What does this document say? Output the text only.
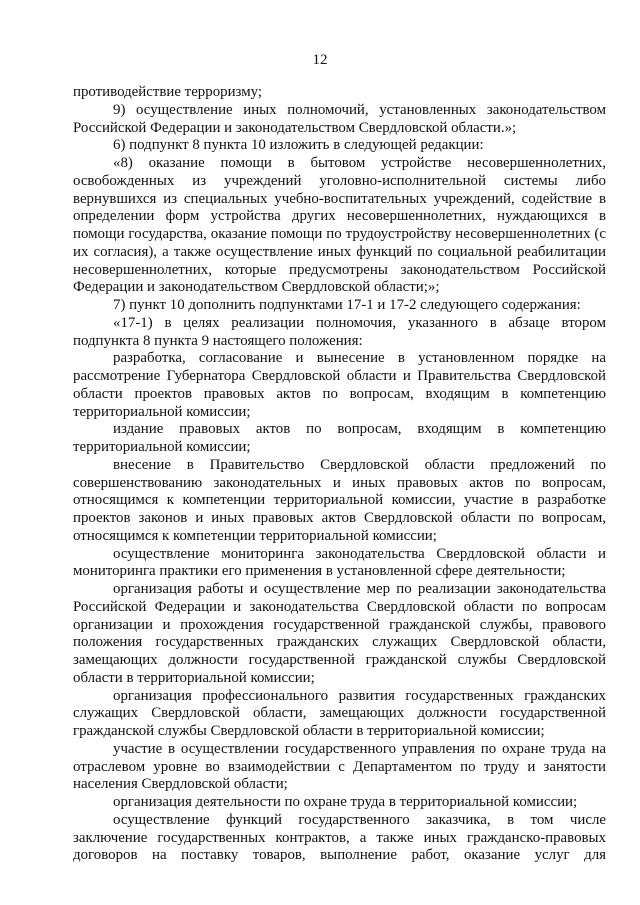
12

противодействие терроризму;

9) осуществление иных полномочий, установленных законодательством Российской Федерации и законодательством Свердловской области.»;

6) подпункт 8 пункта 10 изложить в следующей редакции:

«8) оказание помощи в бытовом устройстве несовершеннолетних, освобожденных из учреждений уголовно-исполнительной системы либо вернувшихся из специальных учебно-воспитательных учреждений, содействие в определении форм устройства других несовершеннолетних, нуждающихся в помощи государства, оказание помощи по трудоустройству несовершеннолетних (с их согласия), а также осуществление иных функций по социальной реабилитации несовершеннолетних, которые предусмотрены законодательством Российской Федерации и законодательством Свердловской области;»;

7) пункт 10 дополнить подпунктами 17-1 и 17-2 следующего содержания:

«17-1) в целях реализации полномочия, указанного в абзаце втором подпункта 8 пункта 9 настоящего положения:

разработка, согласование и вынесение в установленном порядке на рассмотрение Губернатора Свердловской области и Правительства Свердловской области проектов правовых актов по вопросам, входящим в компетенцию территориальной комиссии;

издание правовых актов по вопросам, входящим в компетенцию территориальной комиссии;

внесение в Правительство Свердловской области предложений по совершенствованию законодательных и иных правовых актов по вопросам, относящимся к компетенции территориальной комиссии, участие в разработке проектов законов и иных правовых актов Свердловской области по вопросам, относящимся к компетенции территориальной комиссии;

осуществление мониторинга законодательства Свердловской области и мониторинга практики его применения в установленной сфере деятельности;

организация работы и осуществление мер по реализации законодательства Российской Федерации и законодательства Свердловской области по вопросам организации и прохождения государственной гражданской службы, правового положения государственных гражданских служащих Свердловской области, замещающих должности государственной гражданской службы Свердловской области в территориальной комиссии;

организация профессионального развития государственных гражданских служащих Свердловской области, замещающих должности государственной гражданской службы Свердловской области в территориальной комиссии;

участие в осуществлении государственного управления по охране труда на отраслевом уровне во взаимодействии с Департаментом по труду и занятости населения Свердловской области;

организация деятельности по охране труда в территориальной комиссии;

осуществление функций государственного заказчика, в том числе заключение государственных контрактов, а также иных гражданско-правовых договоров на поставку товаров, выполнение работ, оказание услуг для
